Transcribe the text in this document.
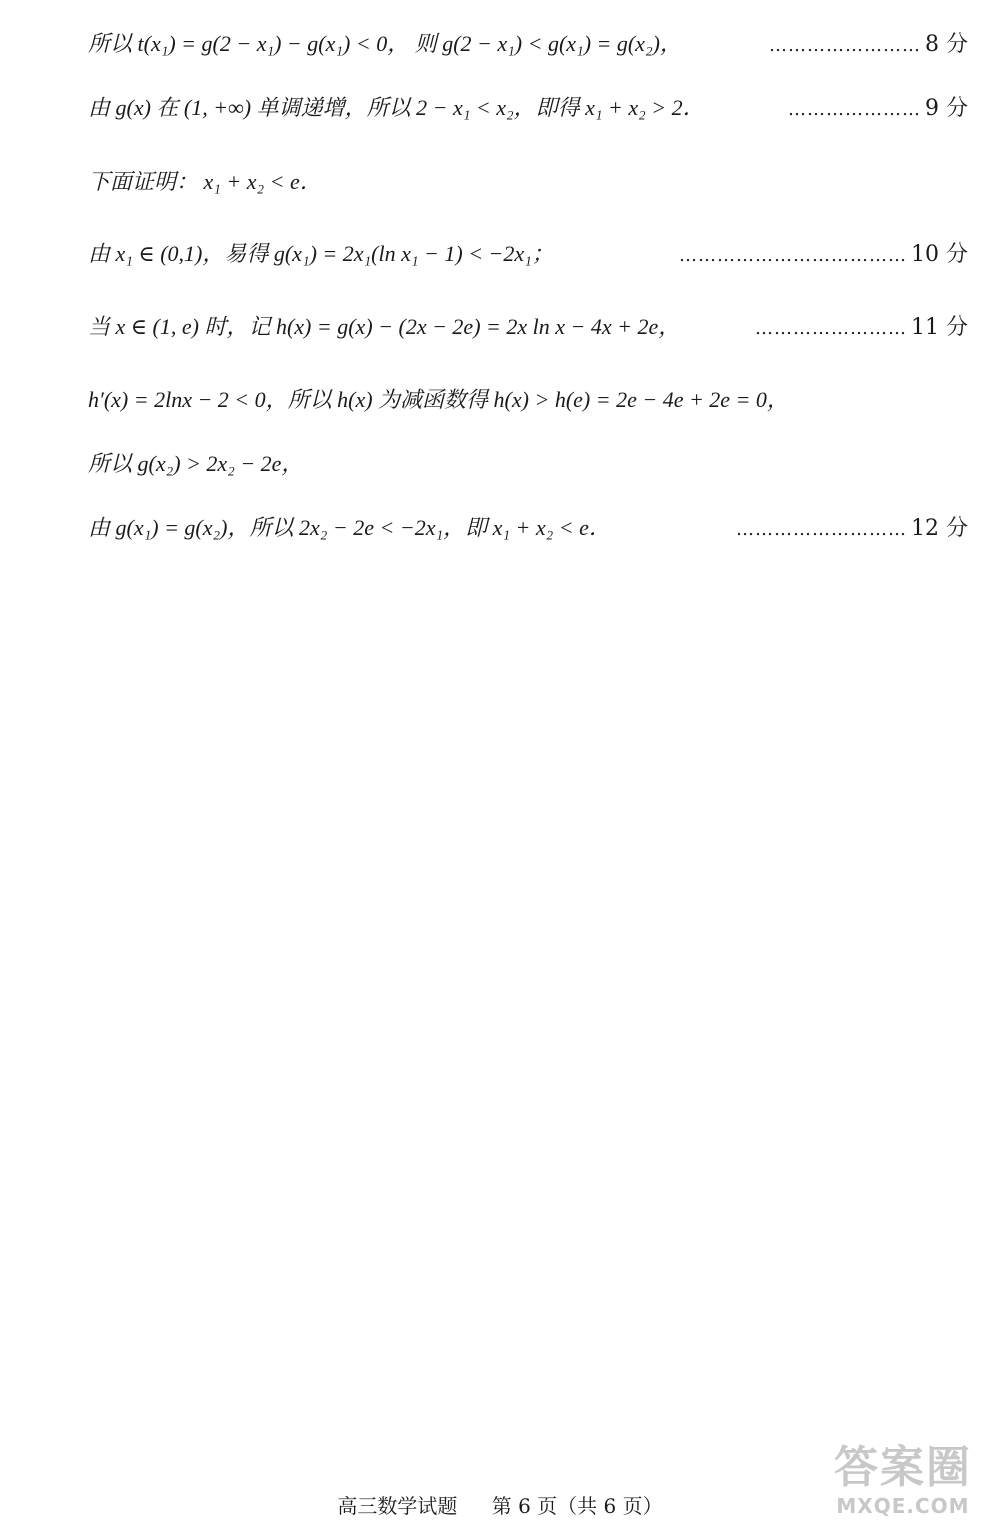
所以 t(x₁) = g(2 − x₁) − g(x₁) < 0， 则 g(2 − x₁) < g(x₁) = g(x₂)，	…………………… 8 分
由 g(x) 在 (1, +∞) 单调递增，所以 2 − x₁ < x₂，即得 x₁ + x₂ > 2．	………………… 9 分
下面证明： x₁ + x₂ < e．
由 x₁ ∈ (0,1)，易得 g(x₁) = 2x₁(ln x₁ − 1) < −2x₁；	……………………………… 10 分
当 x ∈ (1, e) 时，记 h(x) = g(x) − (2x − 2e) = 2x ln x − 4x + 2e，	…………………… 11 分
h′(x) = 2lnx − 2 < 0，所以 h(x) 为减函数得 h(x) > h(e) = 2e − 4e + 2e = 0，
所以 g(x₂) > 2x₂ − 2e，
由 g(x₁) = g(x₂)，所以 2x₂ − 2e < −2x₁，即 x₁ + x₂ < e．	……………………… 12 分
高三数学试题 第 6 页（共 6 页）
答案圈
MXQE.COM
